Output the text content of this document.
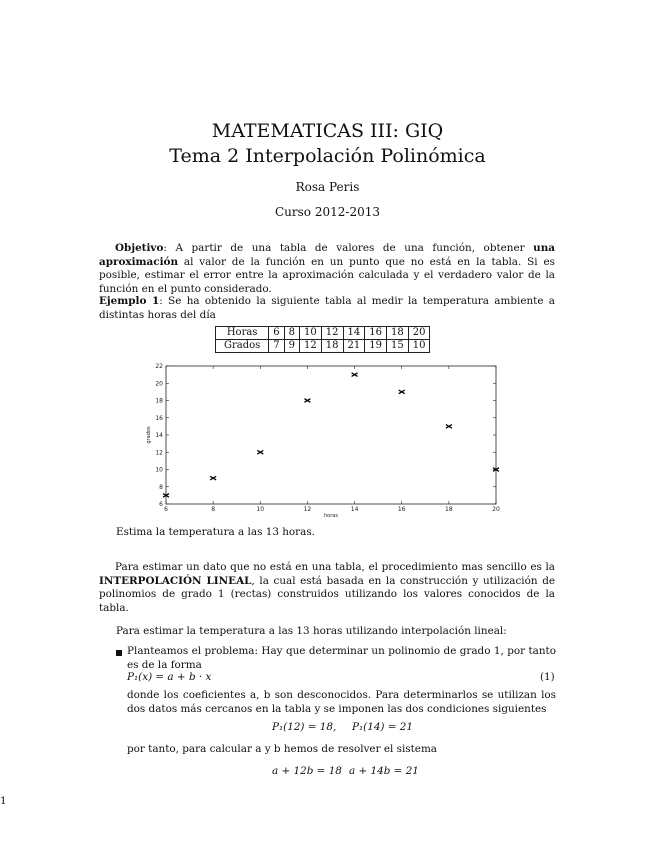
MATEMATICAS III: GIQ
Tema 2 Interpolación Polinómica
Rosa Peris
Curso 2012-2013
Objetivo: A partir de una tabla de valores de una función, obtener una aproximación al valor de la función en un punto que no está en la tabla. Si es posible, estimar el error entre la aproximación calculada y el verdadero valor de la función en el punto considerado.
Ejemplo 1: Se ha obtenido la siguiente tabla al medir la temperatura ambiente a distintas horas del día
Horas	6	8	10	12	14	16	18	20
Grados	7	9	12	18	21	19	15	10
6	8	10	12	14	16	18	20
6
8
10
12
14
16
18
20
22
horas
grados
Estima la temperatura a las 13 horas.
Para estimar un dato que no está en una tabla, el procedimiento mas sencillo es la INTERPOLACIÓN LINEAL, la cual está basada en la construcción y utilización de polinomios de grado 1 (rectas) construidos utilizando los valores conocidos de la tabla.
Para estimar la temperatura a las 13 horas utilizando interpolación lineal:
Planteamos el problema: Hay que determinar un polinomio de grado 1, por tanto es de la forma
P₁(x) = a + b · x	(1)
donde los coeficientes a, b son desconocidos. Para determinarlos se utilizan los dos datos más cercanos en la tabla y se imponen las dos condiciones siguientes
P₁(12) = 18, P₁(14) = 21
por tanto, para calcular a y b hemos de resolver el sistema
a + 12b = 18 a + 14b = 21
1
